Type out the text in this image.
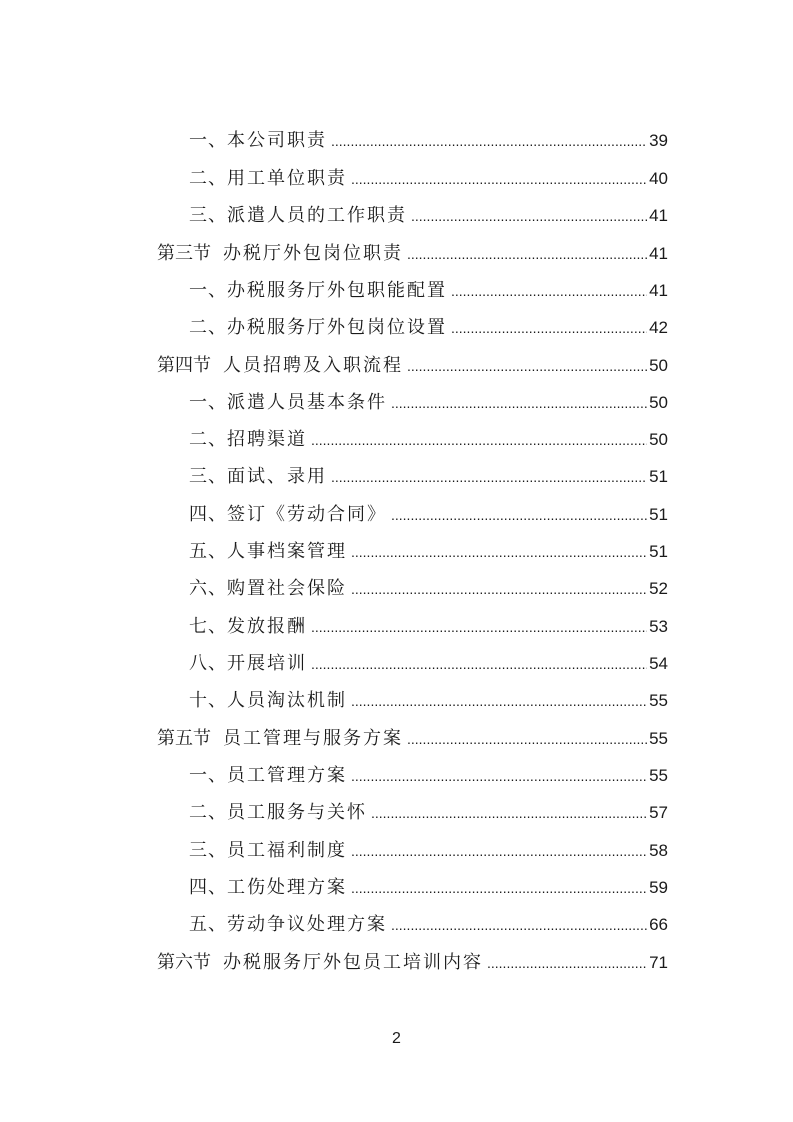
一、 本公司职责 .....	39
二、 用工单位职责 .....	40
三、 派遣人员的工作职责 .....	41
第三节 办税厅外包岗位职责 .....	41
一、 办税服务厅外包职能配置 .....	41
二、 办税服务厅外包岗位设置 .....	42
第四节 人员招聘及入职流程 .....	50
一、 派遣人员基本条件 .....	50
二、 招聘渠道 .....	50
三、 面试、录用 .....	51
四、 签订《劳动合同》 .....	51
五、 人事档案管理 .....	51
六、 购置社会保险 .....	52
七、 发放报酬 .....	53
八、 开展培训 .....	54
十、 人员淘汰机制 .....	55
第五节 员工管理与服务方案 .....	55
一、 员工管理方案 .....	55
二、 员工服务与关怀 .....	57
三、 员工福利制度 .....	58
四、 工伤处理方案 .....	59
五、 劳动争议处理方案 .....	66
第六节 办税服务厅外包员工培训内容 .....	71
2
